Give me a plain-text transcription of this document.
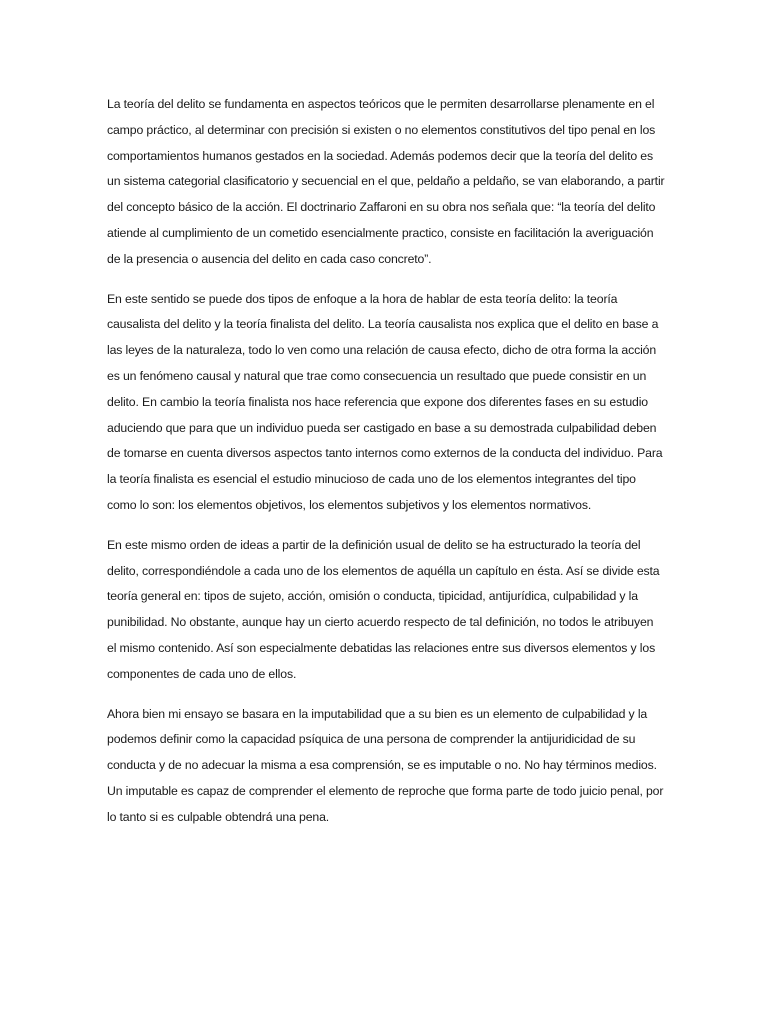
La teoría del delito se fundamenta en aspectos teóricos que le permiten desarrollarse plenamente en el campo práctico, al determinar con precisión si existen o no elementos constitutivos del tipo penal en los comportamientos humanos gestados en la sociedad. Además podemos decir que la teoría del delito es un sistema categorial clasificatorio y secuencial en el que, peldaño a peldaño, se van elaborando, a partir del concepto básico de la acción. El doctrinario Zaffaroni en su obra nos señala que: “la teoría del delito atiende al cumplimiento de un cometido esencialmente practico, consiste en facilitación la averiguación de la presencia o ausencia del delito en cada caso concreto”.

En este sentido se puede dos tipos de enfoque a la hora de hablar de esta teoría delito: la teoría causalista del delito y la teoría finalista del delito. La teoría causalista nos explica que el delito en base a las leyes de la naturaleza, todo lo ven como una relación de causa efecto, dicho de otra forma la acción es un fenómeno causal y natural que trae como consecuencia un resultado que puede consistir en un delito. En cambio la teoría finalista nos hace referencia que expone dos diferentes fases en su estudio aduciendo que para que un individuo pueda ser castigado en base a su demostrada culpabilidad deben de tomarse en cuenta diversos aspectos tanto internos como externos de la conducta del individuo. Para la teoría finalista es esencial el estudio minucioso de cada uno de los elementos integrantes del tipo como lo son: los elementos objetivos, los elementos subjetivos y los elementos normativos.

En este mismo orden de ideas a partir de la definición usual de delito se ha estructurado la teoría del delito, correspondiéndole a cada uno de los elementos de aquélla un capítulo en ésta. Así se divide esta teoría general en: tipos de sujeto, acción, omisión o conducta, tipicidad, antijurídica, culpabilidad y la punibilidad. No obstante, aunque hay un cierto acuerdo respecto de tal definición, no todos le atribuyen el mismo contenido. Así son especialmente debatidas las relaciones entre sus diversos elementos y los componentes de cada uno de ellos.

Ahora bien mi ensayo se basara en la imputabilidad que a su bien es un elemento de culpabilidad y la podemos definir como la capacidad psíquica de una persona de comprender la antijuridicidad de su conducta y de no adecuar la misma a esa comprensión, se es imputable o no. No hay términos medios. Un imputable es capaz de comprender el elemento de reproche que forma parte de todo juicio penal, por lo tanto si es culpable obtendrá una pena.
